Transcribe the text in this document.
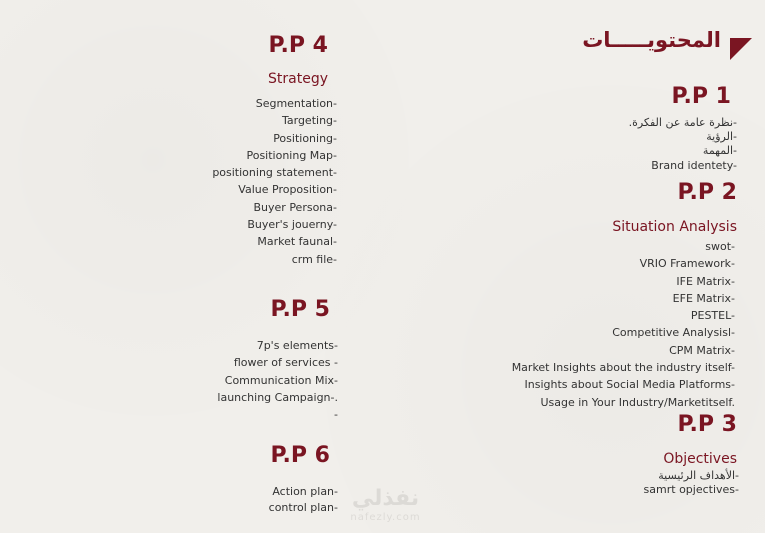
المحتويـــــات
P.P 1
-نظرة عامة عن الفكرة.
-الرؤية
-المهمة
Brand identety-
P.P 2
Situation Analysis
swot-
VRIO Framework-
IFE Matrix-
EFE Matrix-
PESTEL-
Competitive Analysisl-
CPM Matrix-
Market Insights about the industry itself-
Insights about Social Media Platforms-
Usage in Your Industry/Marketitself.
P.P 3
Objectives
-الأهداف الرئيسية
samrt opjectives-
P.P 4
Strategy
Segmentation-
Targeting-
Positioning-
Positioning Map-
positioning statement-
Value Proposition-
Buyer Persona-
Buyer's jouerny-
Market faunal-
crm file-
P.P 5
7p's elements-
flower of services -
Communication Mix-
launching Campaign-.
-
P.P 6
Action plan-
control plan- نفذلي
nafezly.com
